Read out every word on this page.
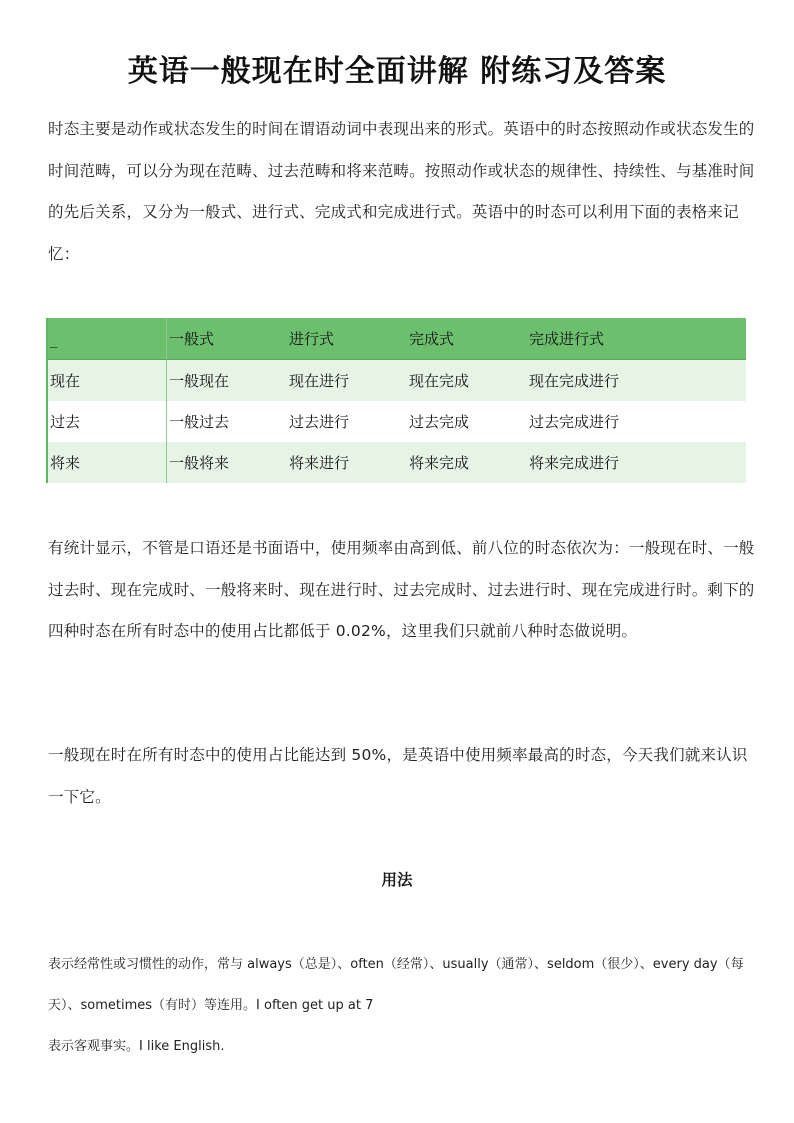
英语一般现在时全面讲解 附练习及答案
时态主要是动作或状态发生的时间在谓语动词中表现出来的形式。英语中的时态按照动作或状态发生的时间范畴，可以分为现在范畴、过去范畴和将来范畴。按照动作或状态的规律性、持续性、与基准时间的先后关系，又分为一般式、进行式、完成式和完成进行式。英语中的时态可以利用下面的表格来记忆：
_	一般式	进行式	完成式	完成进行式
现在	一般现在	现在进行	现在完成	现在完成进行
过去	一般过去	过去进行	过去完成	过去完成进行
将来	一般将来	将来进行	将来完成	将来完成进行
有统计显示，不管是口语还是书面语中，使用频率由高到低、前八位的时态依次为：一般现在时、一般过去时、现在完成时、一般将来时、现在进行时、过去完成时、过去进行时、现在完成进行时。剩下的四种时态在所有时态中的使用占比都低于 0.02%，这里我们只就前八种时态做说明。
一般现在时在所有时态中的使用占比能达到 50%，是英语中使用频率最高的时态，今天我们就来认识一下它。
用法
表示经常性或习惯性的动作，常与 always（总是）、often（经常）、usually（通常）、seldom（很少）、every day（每天）、sometimes（有时）等连用。I often get up at 7
表示客观事实。I like English.
